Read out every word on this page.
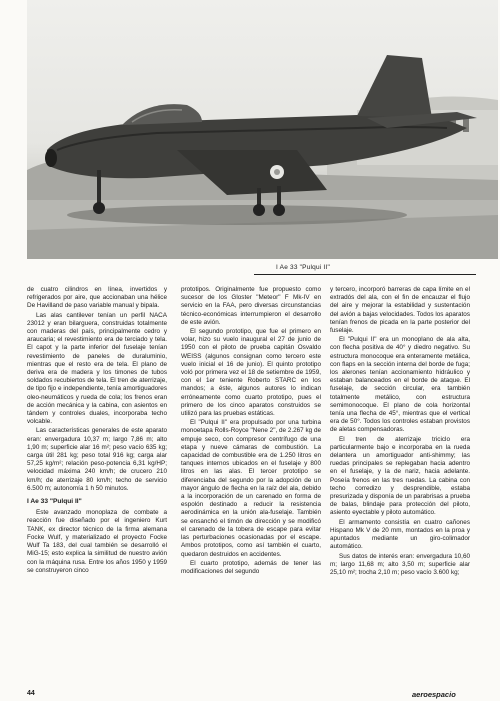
I Ae 33 "Pulqui II"

de cuatro cilindros en línea, invertidos y refrigerados por aire, que accionaban una hélice De Havilland de paso variable manual y bipala.

Las alas cantilever tenían un perfil NACA 23012 y eran bilarguera, construidas totalmente con maderas del país, principalmente cedro y araucaria; el revestimiento era de terciado y tela. El capot y la parte inferior del fuselaje tenían revestimiento de paneles de duraluminio, mientras que el resto era de tela. El plano de deriva era de madera y los timones de tubos soldados recubiertos de tela. El tren de aterrizaje, de tipo fijo e independiente, tenía amortiguadores oleo-neumáticos y rueda de cola; los frenos eran de acción mecánica y la cabina, con asientos en tándem y controles duales, incorporaba techo volcable.

Las características generales de este aparato eran: envergadura 10,37 m; largo 7,86 m; alto 1,90 m; superficie alar 16 m²; peso vacío 635 kg; carga útil 281 kg; peso total 916 kg; carga alar 57,25 kg/m²; relación peso-potencia 6,31 kg/HP; velocidad máxima 240 km/h; de crucero 210 km/h; de aterrizaje 80 km/h; techo de servicio 6.500 m; autonomía 1 h 50 minutos.

I Ae 33 "Pulqui II"

Este avanzado monoplaza de combate a reacción fue diseñado por el ingeniero Kurt TANK, ex director técnico de la firma alemana Focke Wulf, y materializado el proyecto Focke Wulf Ta 183, del cual también se desarrolló el MiG-15; esto explica la similitud de nuestro avión con la máquina rusa. Entre los años 1950 y 1959 se construyeron cinco

prototipos. Originalmente fue propuesto como sucesor de los Gloster "Meteor" F Mk-IV en servicio en la FAA, pero diversas circunstancias técnico-económicas interrumpieron el desarrollo de este avión.

El segundo prototipo, que fue el primero en volar, hizo su vuelo inaugural el 27 de junio de 1950 con el piloto de prueba capitán Osvaldo WEISS (algunos consignan como tercero este vuelo inicial el 16 de junio). El quinto prototipo voló por primera vez el 18 de setiembre de 1959, con el 1er teniente Roberto STARC en los mandos; a éste, algunos autores lo indican erróneamente como cuarto prototipo, pues el primero de los cinco aparatos construidos se utilizó para las pruebas estáticas.

El "Pulqui II" era propulsado por una turbina monoetapa Rolls-Royce "Nene 2", de 2.267 kg de empuje seco, con compresor centrífugo de una etapa y nueve cámaras de combustión. La capacidad de combustible era de 1.250 litros en tanques internos ubicados en el fuselaje y 800 litros en las alas. El tercer prototipo se diferenciaba del segundo por la adopción de un mayor ángulo de flecha en la raíz del ala, debido a la incorporación de un carenado en forma de espolón destinado a reducir la resistencia aerodinámica en la unión ala-fuselaje. También se ensanchó el timón de dirección y se modificó el carenado de la tobera de escape para evitar las perturbaciones ocasionadas por el escape. Ambos prototipos, como así también el cuarto, quedaron destruidos en accidentes.

El cuarto prototipo, además de tener las modificaciones del segundo

y tercero, incorporó barreras de capa límite en el extradós del ala, con el fin de encauzar el flujo del aire y mejorar la estabilidad y sustentación del avión a bajas velocidades. Todos los aparatos tenían frenos de picada en la parte posterior del fuselaje.

El "Pulqui II" era un monoplano de ala alta, con flecha positiva de 40° y diedro negativo. Su estructura monocoque era enteramente metálica, con flaps en la sección interna del borde de fuga; los alerones tenían accionamiento hidráulico y estaban balanceados en el borde de ataque. El fuselaje, de sección circular, era también totalmente metálico, con estructura semimonocoque. El plano de cola horizontal tenía una flecha de 45°, mientras que el vertical era de 50°. Todos los controles estaban provistos de aletas compensadoras.

El tren de aterrizaje triciclo era particularmente bajo e incorporaba en la rueda delantera un amortiguador anti-shimmy; las ruedas principales se replegaban hacia adentro en el fuselaje, y la de nariz, hacia adelante. Poseía frenos en las tres ruedas. La cabina con techo corredizo y desprendible, estaba presurizada y disponía de un parabrisas a prueba de balas, blindaje para protección del piloto, asiento eyectable y piloto automático.

El armamento consistía en cuatro cañones Hispano Mk V de 20 mm, montados en la proa y apuntados mediante un giro-colimador automático.

Sus datos de interés eran: envergadura 10,60 m; largo 11,68 m; alto 3,50 m; superficie alar 25,10 m²; trocha 2,10 m; peso vacío 3.600 kg;

44	aeroespacio
